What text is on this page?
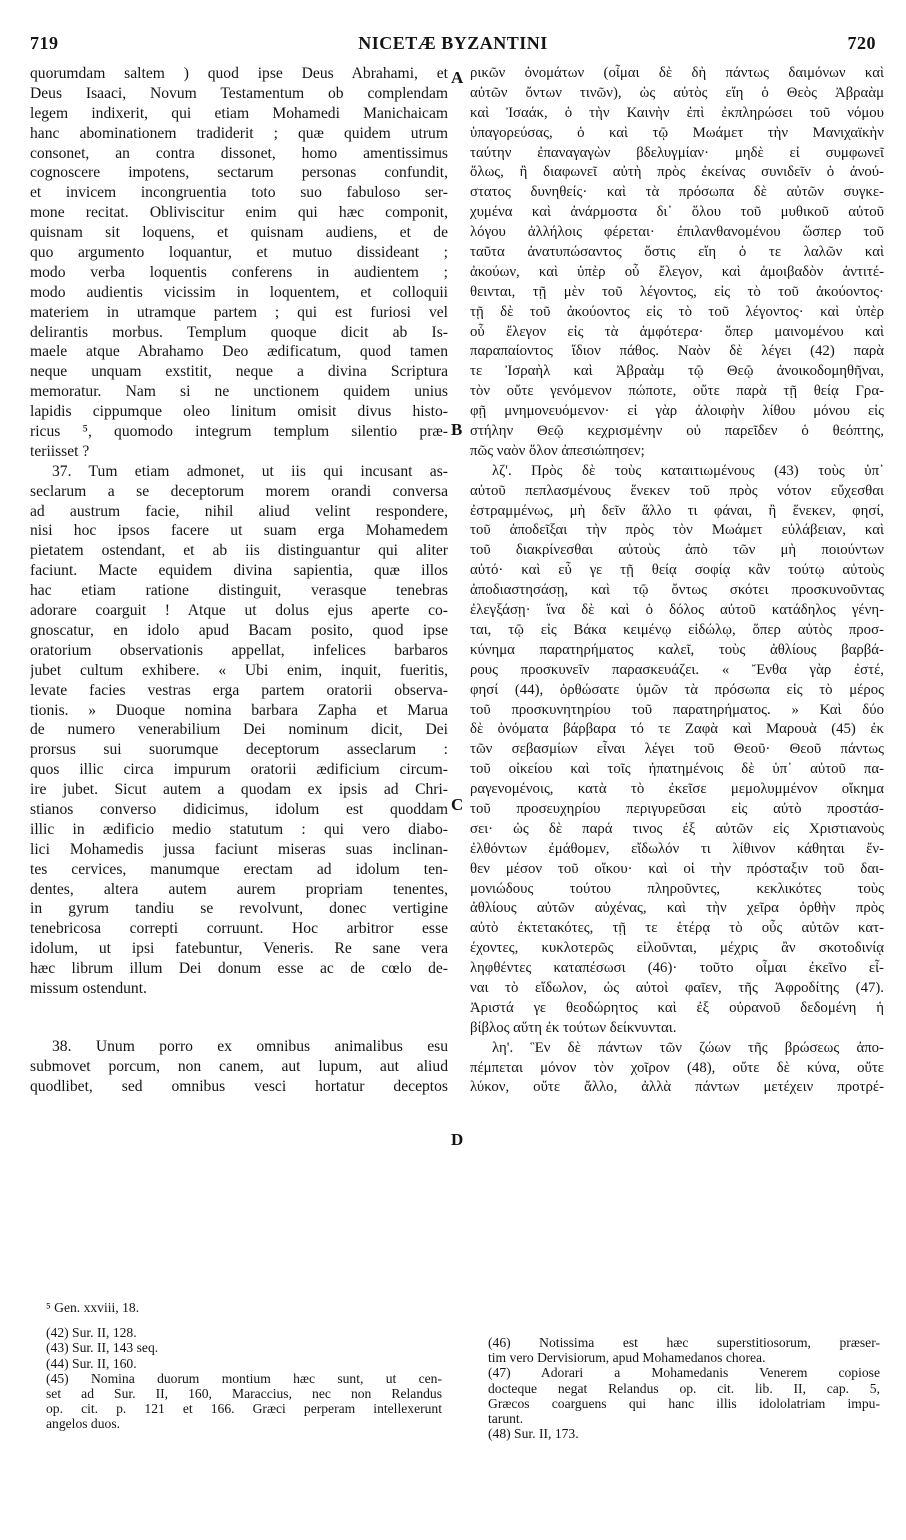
719	NICETÆ BYZANTINI	720
A
B
C
D
quorumdam saltem ) quod ipse Deus Abrahami, et
Deus Isaaci, Novum Testamentum ob complendam
legem indixerit, qui etiam Mohamedi Manichaicam
hanc abominationem tradiderit ; quæ quidem utrum
consonet, an contra dissonet, homo amentissimus
cognoscere impotens, sectarum personas confundit,
et invicem incongruentia toto suo fabuloso ser-
mone recitat. Obliviscitur enim qui hæc componit,
quisnam sit loquens, et quisnam audiens, et de
quo argumento loquantur, et mutuo dissideant ;
modo verba loquentis conferens in audientem ;
modo audientis vicissim in loquentem, et colloquii
materiem in utramque partem ; qui est furiosi vel
delirantis morbus. Templum quoque dicit ab Is-
maele atque Abrahamo Deo ædificatum, quod tamen
neque unquam exstitit, neque a divina Scriptura
memoratur. Nam si ne unctionem quidem unius
lapidis cippumque oleo linitum omisit divus histo-
ricus ⁵, quomodo integrum templum silentio præ-
teriisset ?
37. Tum etiam admonet, ut iis qui incusant as-
seclarum a se deceptorum morem orandi conversa
ad austrum facie, nihil aliud velint respondere,
nisi hoc ipsos facere ut suam erga Mohamedem
pietatem ostendant, et ab iis distinguantur qui aliter
faciunt. Macte equidem divina sapientia, quæ illos
hac etiam ratione distinguit, verasque tenebras
adorare coarguit ! Atque ut dolus ejus aperte co-
gnoscatur, en idolo apud Bacam posito, quod ipse
oratorium observationis appellat, infelices barbaros
jubet cultum exhibere. « Ubi enim, inquit, fueritis,
levate facies vestras erga partem oratorii observa-
tionis. » Duoque nomina barbara Zapha et Marua
de numero venerabilium Dei nominum dicit, Dei
prorsus sui suorumque deceptorum asseclarum :
quos illic circa impurum oratorii ædificium circum-
ire jubet. Sicut autem a quodam ex ipsis ad Chri-
stianos converso didicimus, idolum est quoddam
illic in ædificio medio statutum : qui vero diabo-
lici Mohamedis jussa faciunt miseras suas inclinan-
tes cervices, manumque erectam ad idolum ten-
dentes, altera autem aurem propriam tenentes,
in gyrum tandiu se revolvunt, donec vertigine
tenebricosa correpti corruunt. Hoc arbitror esse
idolum, ut ipsi fatebuntur, Veneris. Re sane vera
hæc librum illum Dei donum esse ac de cœlo de-
missum ostendunt.
38. Unum porro ex omnibus animalibus esu
submovet porcum, non canem, aut lupum, aut aliud
quodlibet, sed omnibus vesci hortatur deceptos
ρικῶν ὀνομάτων (οἶμαι δὲ δὴ πάντως δαιμόνων καὶ
αὐτῶν ὄντων τινῶν), ὡς αὐτὸς εἴη ὁ Θεὸς Ἀβραὰμ
καὶ Ἰσαάκ, ὁ τὴν Καινὴν ἐπὶ ἐκπληρώσει τοῦ νόμου
ὑπαγορεύσας, ὁ καὶ τῷ Μωάμετ τὴν Μανιχαϊκὴν
ταύτην ἐπαναγαγὼν βδελυγμίαν· μηδὲ εἰ συμφωνεῖ
ὅλως, ἢ διαφωνεῖ αὐτὴ πρὸς ἐκείνας συνιδεῖν ὁ ἀνού-
στατος δυνηθείς· καὶ τὰ πρόσωπα δὲ αὐτῶν συγκε-
χυμένα καὶ ἀνάρμοστα δι᾿ ὅλου τοῦ μυθικοῦ αὐτοῦ
λόγου ἀλλήλοις φέρεται· ἐπιλανθανομένου ὥσπερ τοῦ
ταῦτα ἀνατυπώσαντος ὅστις εἴη ὁ τε λαλῶν καὶ
ἀκούων, καὶ ὑπὲρ οὗ ἔλεγον, καὶ ἀμοιβαδὸν ἀντιτέ-
θεινται, τῇ μὲν τοῦ λέγοντος, εἰς τὸ τοῦ ἀκούοντος·
τῇ δὲ τοῦ ἀκούοντος εἰς τὸ τοῦ λέγοντος· καὶ ὑπὲρ
οὗ ἔλεγον εἰς τὰ ἀμφότερα· ὅπερ μαινομένου καὶ
παραπαίοντος ἴδιον πάθος. Ναὸν δὲ λέγει (42) παρὰ
τε Ἰσραὴλ καὶ Ἀβραὰμ τῷ Θεῷ ἀνοικοδομηθῆναι,
τὸν οὔτε γενόμενον πώποτε, οὔτε παρὰ τῇ θείᾳ Γρα-
φῇ μνημονευόμενον· εἰ γὰρ ἀλοιφὴν λίθου μόνου εἰς
στήλην Θεῷ κεχρισμένην οὐ παρεῖδεν ὁ θεόπτης,
πῶς ναὸν ὅλον ἀπεσιώπησεν;
λζ'. Πρὸς δὲ τοὺς καταιτιωμένους (43) τοὺς ὑπ᾿
αὐτοῦ πεπλασμένους ἕνεκεν τοῦ πρὸς νότον εὔχεσθαι
ἐστραμμένως, μὴ δεῖν ἄλλο τι φάναι, ἢ ἕνεκεν, φησί,
τοῦ ἀποδεῖξαι τὴν πρὸς τὸν Μωάμετ εὐλάβειαν, καὶ
τοῦ διακρίνεσθαι αὐτοὺς ἀπὸ τῶν μὴ ποιούντων
αὐτό· καὶ εὖ γε τῇ θείᾳ σοφίᾳ κἂν τούτῳ αὐτοὺς
ἀποδιαστησάσῃ, καὶ τῷ ὄντως σκότει προσκυνοῦντας
ἐλεγξάσῃ· ἵνα δὲ καὶ ὁ δόλος αὐτοῦ κατάδηλος γένη-
ται, τῷ εἰς Βάκα κειμένῳ εἰδώλῳ, ὅπερ αὐτὸς προσ-
κύνημα παρατηρήματος καλεῖ, τοὺς ἀθλίους βαρβά-
ρους προσκυνεῖν παρασκευάζει. « Ἔνθα γὰρ ἐστέ,
φησί (44), ὀρθώσατε ὑμῶν τὰ πρόσωπα εἰς τὸ μέρος
τοῦ προσκυνητηρίου τοῦ παρατηρήματος. » Καὶ δύο
δὲ ὀνόματα βάρβαρα τό τε Ζαφὰ καὶ Μαρουὰ (45) ἐκ
τῶν σεβασμίων εἶναι λέγει τοῦ Θεοῦ· Θεοῦ πάντως
τοῦ οἰκείου καὶ τοῖς ἠπατημένοις δὲ ὑπ᾿ αὐτοῦ πα-
ραγενομένοις, κατὰ τὸ ἐκεῖσε μεμολυμμένον οἴκημα
τοῦ προσευχηρίου περιγυρεῦσαι εἰς αὐτὸ προστάσ-
σει· ὡς δὲ παρά τινος ἐξ αὐτῶν εἰς Χριστιανοὺς
ἐλθόντων ἐμάθομεν, εἴδωλόν τι λίθινον κάθηται ἔν-
θεν μέσον τοῦ οἴκου· καὶ οἱ τὴν πρόσταξιν τοῦ δαι-
μονιώδους τούτου πληροῦντες, κεκλικότες τοὺς
ἀθλίους αὐτῶν αὐχένας, καὶ τὴν χεῖρα ὀρθὴν πρὸς
αὐτὸ ἐκτετακότες, τῇ τε ἑτέρᾳ τὸ οὖς αὐτῶν κατ-
έχοντες, κυκλοτερῶς εἰλοῦνται, μέχρις ἂν σκοτοδινίᾳ
ληφθέντες καταπέσωσι (46)· τοῦτο οἶμαι ἐκεῖνο εἶ-
ναι τὸ εἴδωλον, ὡς αὐτοὶ φαῖεν, τῆς Ἀφροδίτης (47).
Ἀριστά γε θεοδώρητος καὶ ἐξ οὐρανοῦ δεδομένη ἡ
βίβλος αὕτη ἐκ τούτων δείκνυνται.
λη'. Ἓν δὲ πάντων τῶν ζώων τῆς βρώσεως ἀπο-
πέμπεται μόνον τὸν χοῖρον (48), οὔτε δὲ κύνα, οὔτε
λύκον, οὔτε ἄλλο, ἀλλὰ πάντων μετέχειν προτρέ-
⁵ Gen. xxviii, 18.
(42) Sur. II, 128.
(43) Sur. II, 143 seq.
(44) Sur. II, 160.
(45) Nomina duorum montium hæc sunt, ut cen-
set ad Sur. II, 160, Maraccius, nec non Relandus
op. cit. p. 121 et 166. Græci perperam intellexerunt
angelos duos.
(46) Notissima est hæc superstitiosorum, præser-
tim vero Dervisiorum, apud Mohamedanos chorea.
(47) Adorari a Mohamedanis Venerem copiose
docteque negat Relandus op. cit. lib. II, cap. 5,
Græcos coarguens qui hanc illis idololatriam impu-
tarunt.
(48) Sur. II, 173.
